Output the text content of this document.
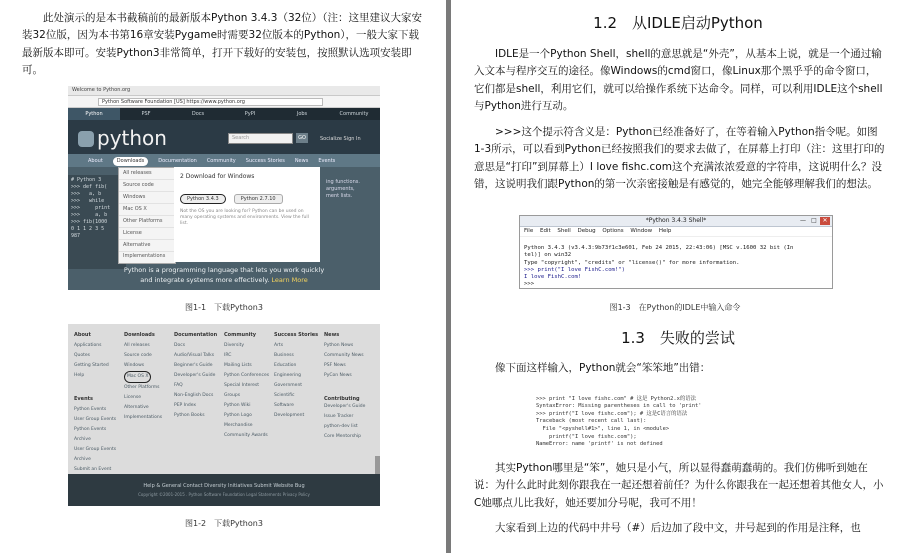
此处演示的是本书截稿前的最新版本Python 3.4.3（32位）（注：这里建议大家安装32位版，因为本书第16章安装Pygame时需要32位版本的Python），一般大家下载最新版本即可。安装Python3非常简单，打开下载好的安装包，按照默认选项安装即可。

Welcome to Python.org
Python Software Foundation [US] https://www.python.org
Python	PSF	Docs	PyPI	Jobs	Community
python	Search	GO	Socialize Sign In
About	Downloads	Documentation Community Success Stories News Events
# Python 3
>>> def fib(
>>>   a, b
>>>   while
>>>     print
>>>     a, b
>>> fib(1000
0 1 1 2 3 5
987
All releases
Source code
Windows
Mac OS X
Other Platforms
License
Alternative Implementations
2 Download for Windows
Python 3.4.3	Python 2.7.10
Not the OS you are looking for? Python can be used on many operating systems and environments. View the full list.
ing functions.
arguments,
ment lists.
Python is a programming language that lets you work quickly
and integrate systems more effectively. Learn More
图1-1　下载Python3
About
Applications
Quotes
Getting Started
Help
Downloads
All releases
Source code
Windows
Mac OS X
Other Platforms
License
Alternative Implementations
Documentation
Docs
Audio/Visual Talks
Beginner's Guide
Developer's Guide
FAQ
Non-English Docs
PEP Index
Python Books
Community
Diversity
IRC
Mailing Lists
Python Conferences
Special Interest Groups
Python Wiki
Python Logo
Merchandise
Community Awards
Success Stories
Arts
Business
Education
Engineering
Government
Scientific
Software Development
News
Python News
Community News
PSF News
PyCon News
Events
Python Events
User Group Events
Python Events Archive
User Group Events Archive
Submit an Event
Contributing
Developer's Guide
Issue Tracker
python-dev list
Core Mentorship
Help & General Contact Diversity Initiatives Submit Website Bug
Copyright ©2001-2015 . Python Software Foundation Legal Statements Privacy Policy
图1-2　下载Python3
1.2　从IDLE启动Python

IDLE是一个Python Shell，shell的意思就是“外壳”，从基本上说，就是一个通过输入文本与程序交互的途径。像Windows的cmd窗口，像Linux那个黑乎乎的命令窗口，它们都是shell，利用它们，就可以给操作系统下达命令。同样，可以利用IDLE这个shell与Python进行互动。

>>>这个提示符含义是：Python已经准备好了，在等着输入Python指令呢。如图1-3所示，可以看到Python已经按照我们的要求去做了，在屏幕上打印（注：这里打印的意思是“打印”到屏幕上）I love fishc.com这个充满浓浓爱意的字符串，这说明什么？没错，这说明我们跟Python的第一次亲密接触是有感觉的，她完全能够理解我们的想法。

*Python 3.4.3 Shell*	— □ ✕
File Edit Shell Debug Options Window Help

Python 3.4.3 (v3.4.3:9b73f1c3e601, Feb 24 2015, 22:43:06) [MSC v.1600 32 bit (In
tel)] on win32
Type "copyright", "credits" or "license()" for more information.
>>> print("I love FishC.com!")
I love FishC.com!
>>>

图1-3　在Python的IDLE中输入命令
1.3　失败的尝试

像下面这样输入，Python就会“笨笨地”出错：

>>> print "I love fishc.com" # 这是 Python2.x的语法
SyntaxError: Missing parentheses in call to 'print'
>>> printf("I love fishc.com"); # 这是C语言的语法
Traceback (most recent call last):
File "<pyshell#1>", line 1, in <module>
printf("I love fishc.com");
NameError: name 'printf' is not defined

其实Python哪里是“笨”，她只是小气，所以显得蠢萌蠢萌的。我们仿佛听到她在说：为什么此时此刻你跟我在一起还想着前任？为什么你跟我在一起还想着其他女人，小C她哪点儿比我好，她还要加分号呢，我可不用！

大家看到上边的代码中井号（#）后边加了段中文，井号起到的作用是注释，也
